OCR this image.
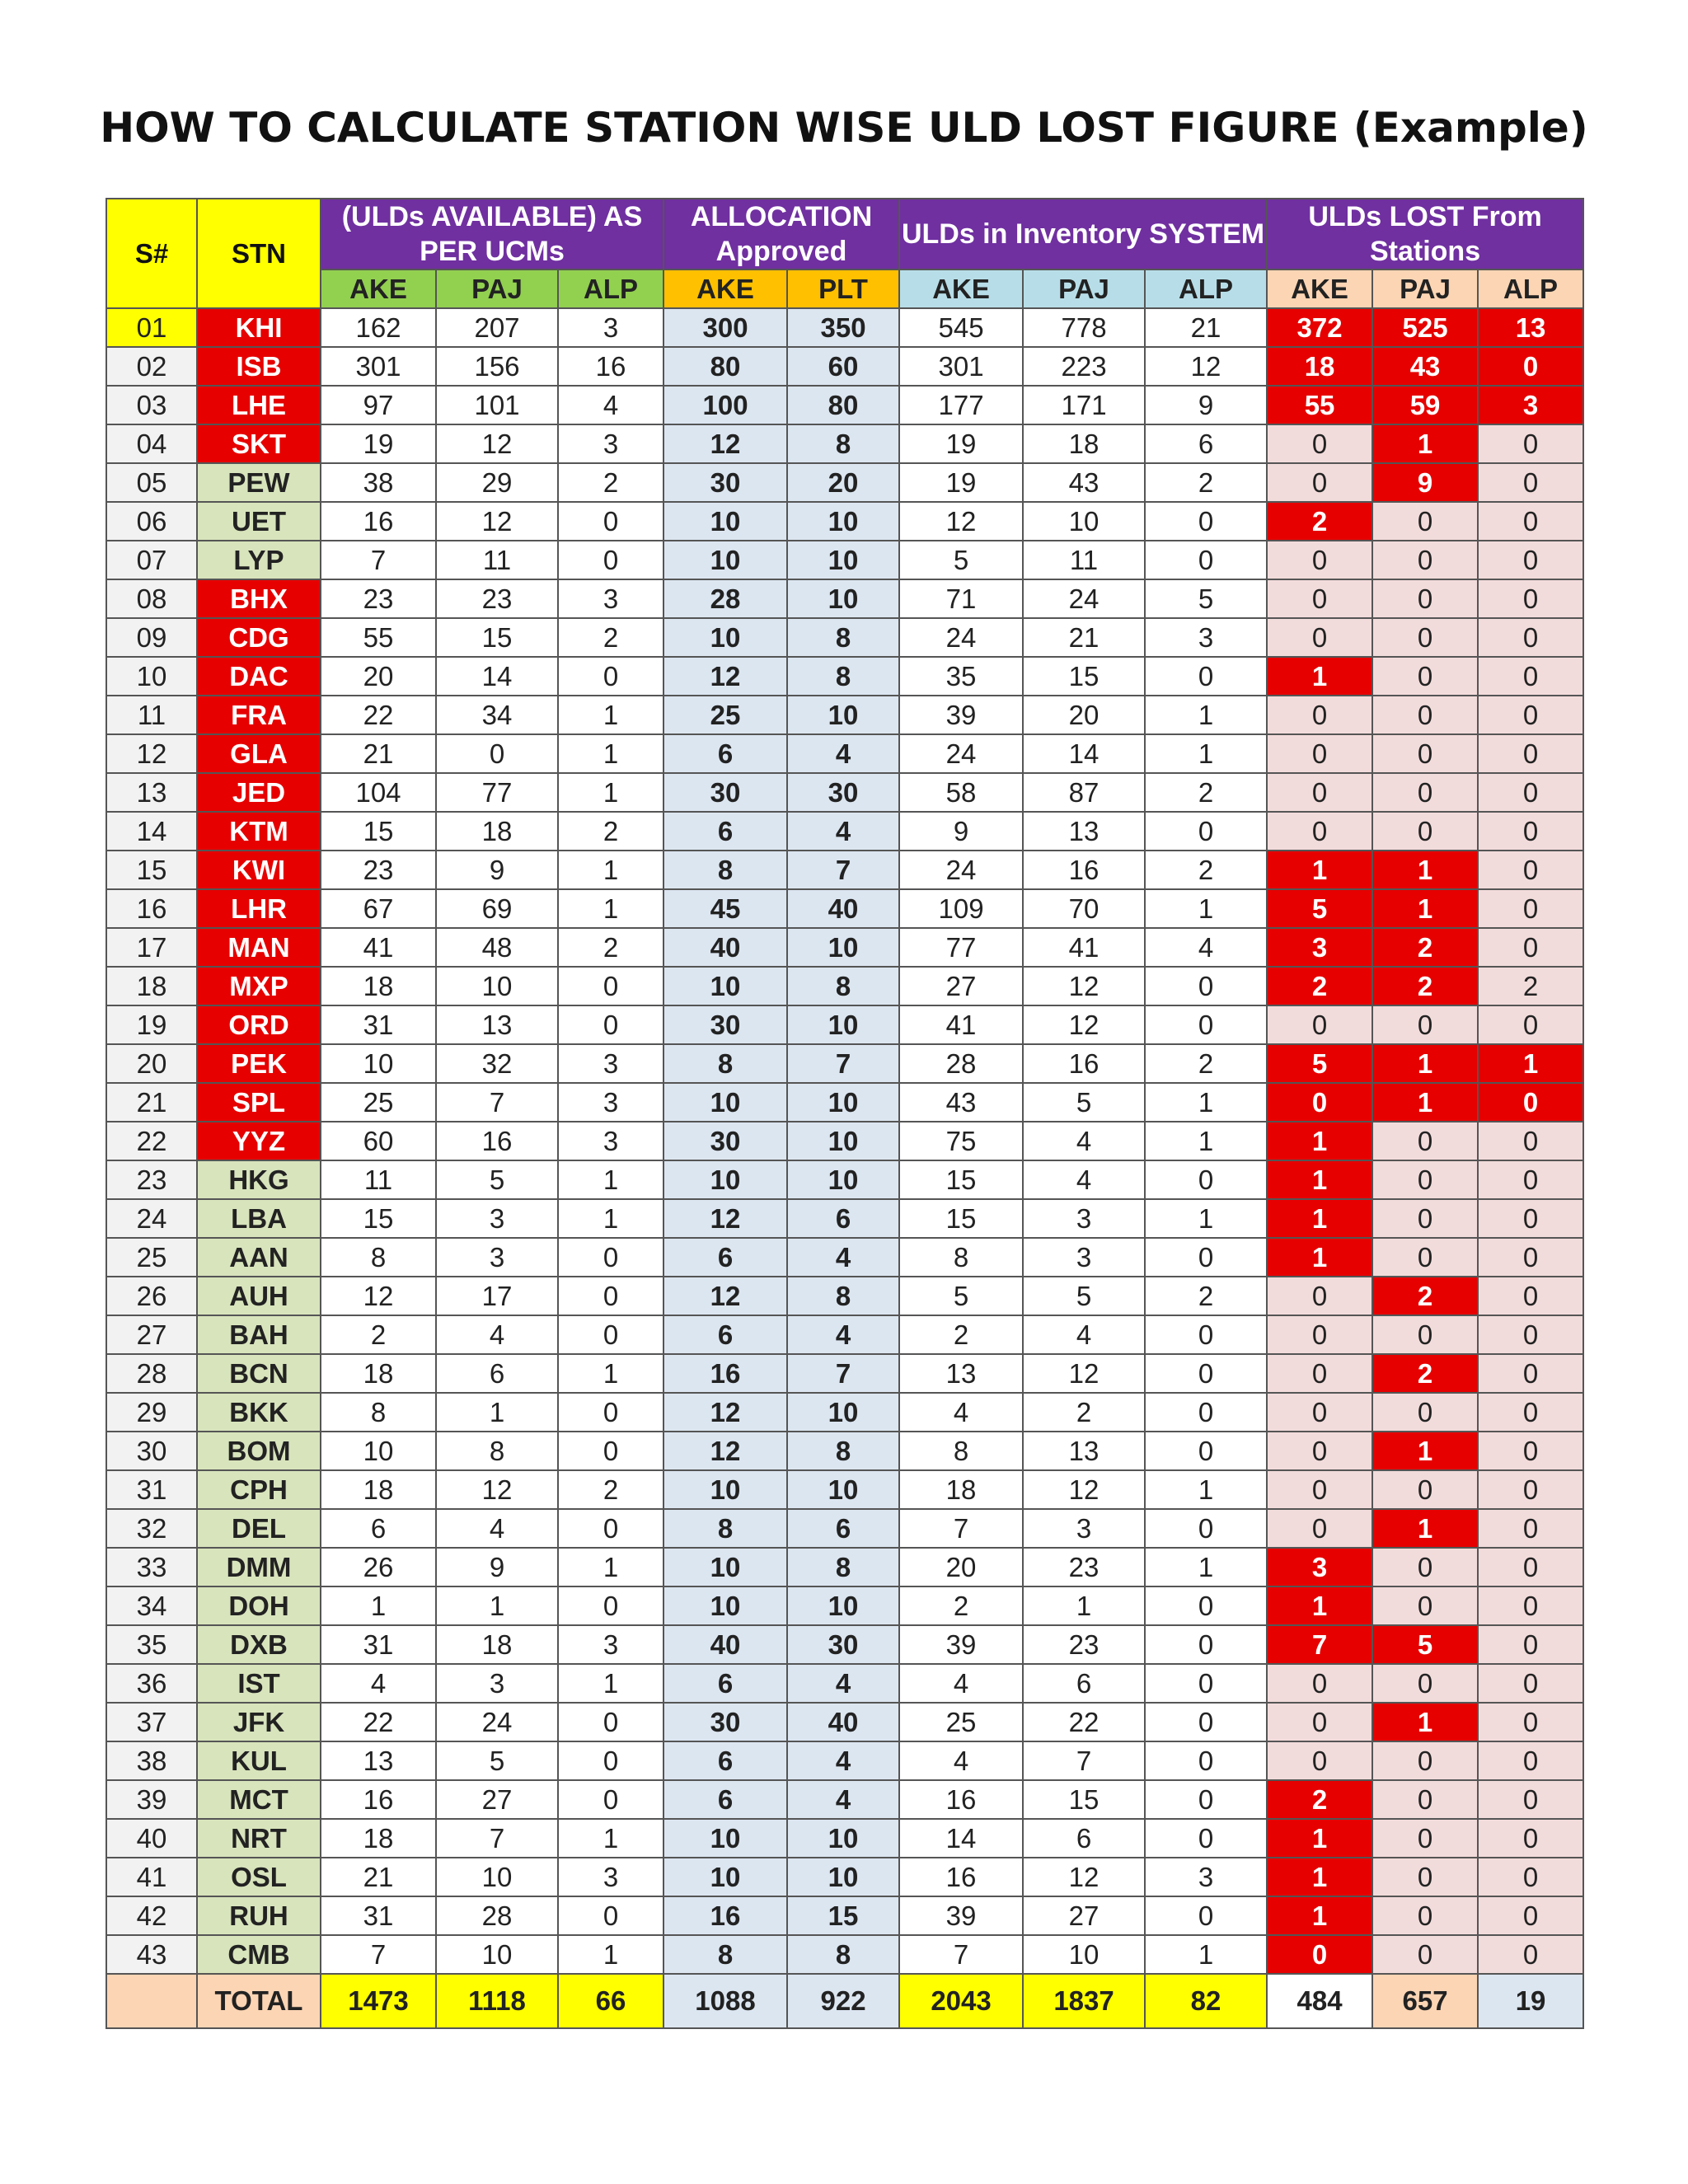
HOW TO CALCULATE STATION WISE ULD LOST FIGURE (Example)
S#	STN	(ULDs AVAILABLE) AS PER UCMs			ALLOCATION Approved		ULDs in Inventory SYSTEM			ULDs LOST From Stations		
		AKE	PAJ	ALP	AKE	PLT	AKE	PAJ	ALP	AKE	PAJ	ALP
01	KHI	162	207	3	300	350	545	778	21	372	525	13
02	ISB	301	156	16	80	60	301	223	12	18	43	0
03	LHE	97	101	4	100	80	177	171	9	55	59	3
04	SKT	19	12	3	12	8	19	18	6	0	1	0
05	PEW	38	29	2	30	20	19	43	2	0	9	0
06	UET	16	12	0	10	10	12	10	0	2	0	0
07	LYP	7	11	0	10	10	5	11	0	0	0	0
08	BHX	23	23	3	28	10	71	24	5	0	0	0
09	CDG	55	15	2	10	8	24	21	3	0	0	0
10	DAC	20	14	0	12	8	35	15	0	1	0	0
11	FRA	22	34	1	25	10	39	20	1	0	0	0
12	GLA	21	0	1	6	4	24	14	1	0	0	0
13	JED	104	77	1	30	30	58	87	2	0	0	0
14	KTM	15	18	2	6	4	9	13	0	0	0	0
15	KWI	23	9	1	8	7	24	16	2	1	1	0
16	LHR	67	69	1	45	40	109	70	1	5	1	0
17	MAN	41	48	2	40	10	77	41	4	3	2	0
18	MXP	18	10	0	10	8	27	12	0	2	2	2
19	ORD	31	13	0	30	10	41	12	0	0	0	0
20	PEK	10	32	3	8	7	28	16	2	5	1	1
21	SPL	25	7	3	10	10	43	5	1	0	1	0
22	YYZ	60	16	3	30	10	75	4	1	1	0	0
23	HKG	11	5	1	10	10	15	4	0	1	0	0
24	LBA	15	3	1	12	6	15	3	1	1	0	0
25	AAN	8	3	0	6	4	8	3	0	1	0	0
26	AUH	12	17	0	12	8	5	5	2	0	2	0
27	BAH	2	4	0	6	4	2	4	0	0	0	0
28	BCN	18	6	1	16	7	13	12	0	0	2	0
29	BKK	8	1	0	12	10	4	2	0	0	0	0
30	BOM	10	8	0	12	8	8	13	0	0	1	0
31	CPH	18	12	2	10	10	18	12	1	0	0	0
32	DEL	6	4	0	8	6	7	3	0	0	1	0
33	DMM	26	9	1	10	8	20	23	1	3	0	0
34	DOH	1	1	0	10	10	2	1	0	1	0	0
35	DXB	31	18	3	40	30	39	23	0	7	5	0
36	IST	4	3	1	6	4	4	6	0	0	0	0
37	JFK	22	24	0	30	40	25	22	0	0	1	0
38	KUL	13	5	0	6	4	4	7	0	0	0	0
39	MCT	16	27	0	6	4	16	15	0	2	0	0
40	NRT	18	7	1	10	10	14	6	0	1	0	0
41	OSL	21	10	3	10	10	16	12	3	1	0	0
42	RUH	31	28	0	16	15	39	27	0	1	0	0
43	CMB	7	10	1	8	8	7	10	1	0	0	0
	TOTAL	1473	1118	66	1088	922	2043	1837	82	484	657	19
